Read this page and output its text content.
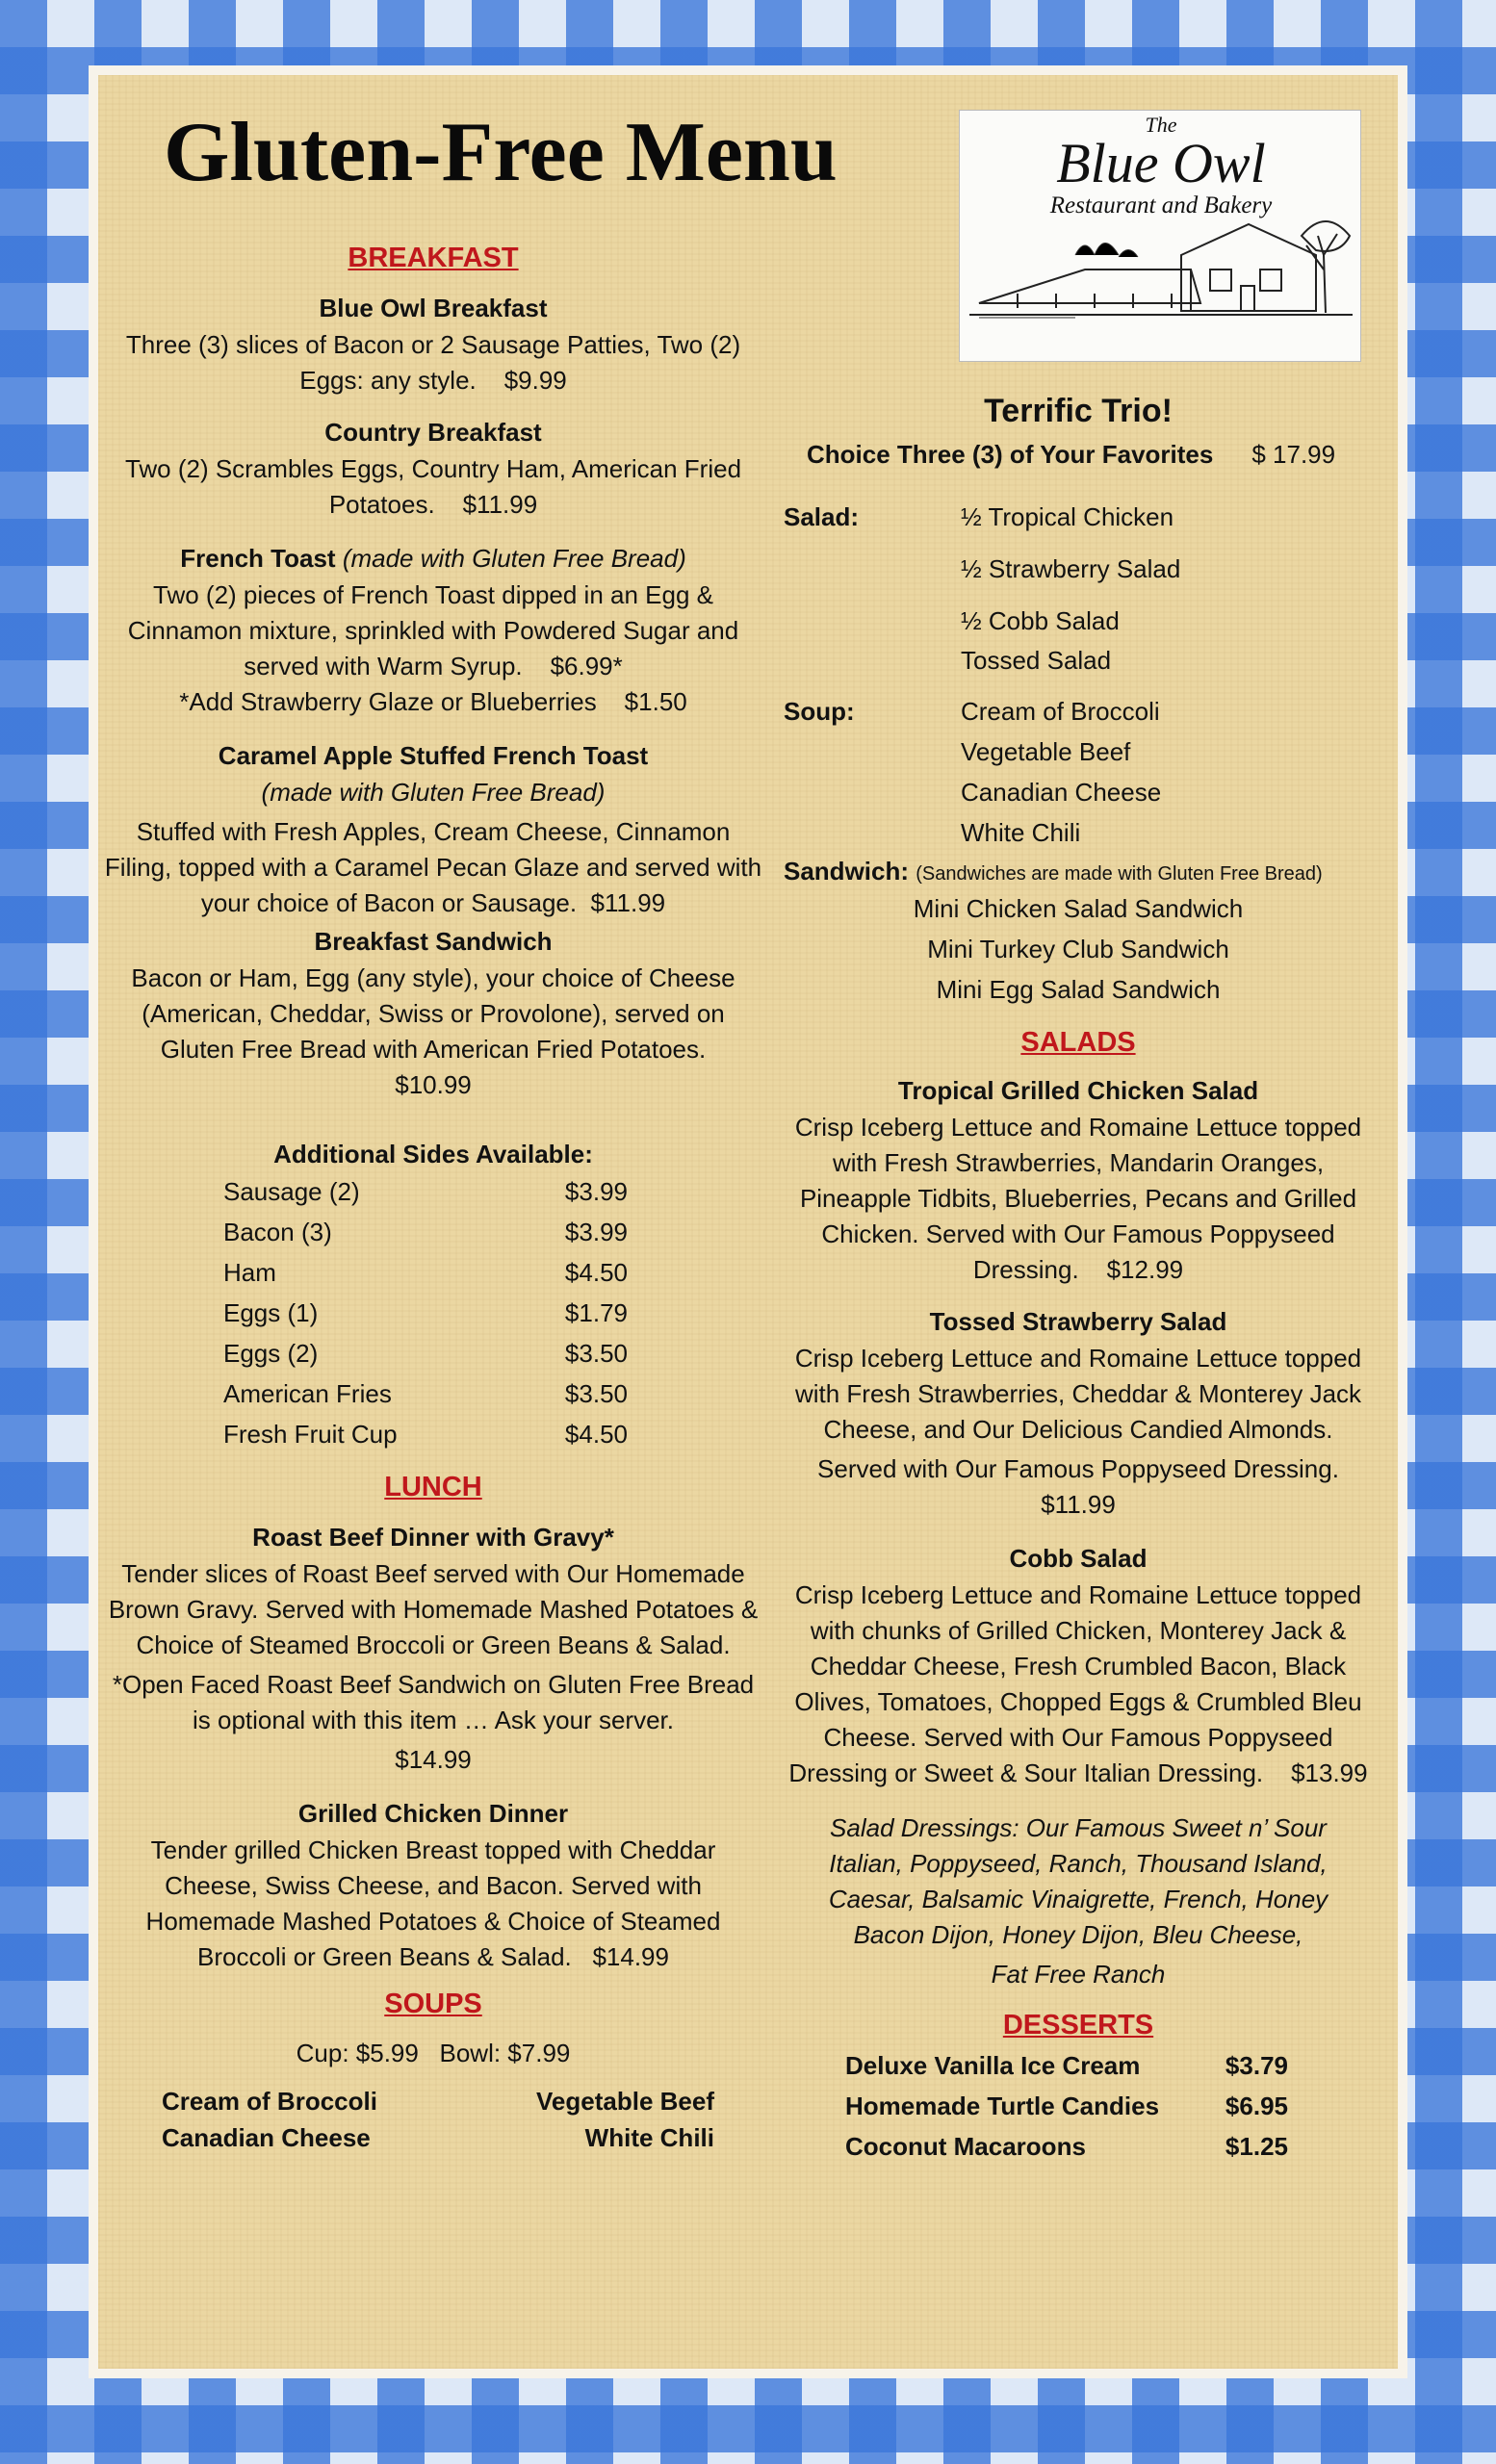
Gluten-Free Menu	The
Blue Owl
Restaurant and Bakery
BREAKFAST
Blue Owl Breakfast
Three (3) slices of Bacon or 2 Sausage Patties, Two (2) Eggs: any style. $9.99
Country Breakfast
Two (2) Scrambles Eggs, Country Ham, American Fried Potatoes. $11.99
French Toast (made with Gluten Free Bread)
Two (2) pieces of French Toast dipped in an Egg & Cinnamon mixture, sprinkled with Powdered Sugar and served with Warm Syrup. $6.99*
*Add Strawberry Glaze or Blueberries $1.50
Caramel Apple Stuffed French Toast
(made with Gluten Free Bread)
Stuffed with Fresh Apples, Cream Cheese, Cinnamon Filing, topped with a Caramel Pecan Glaze and served with your choice of Bacon or Sausage. $11.99
Breakfast Sandwich
Bacon or Ham, Egg (any style), your choice of Cheese (American, Cheddar, Swiss or Provolone), served on Gluten Free Bread with American Fried Potatoes.
$10.99
Additional Sides Available:
Sausage (2)	$3.99
Bacon (3)	$3.99
Ham	$4.50
Eggs (1)	$1.79
Eggs (2)	$3.50
American Fries	$3.50
Fresh Fruit Cup	$4.50
LUNCH
Roast Beef Dinner with Gravy*
Tender slices of Roast Beef served with Our Homemade Brown Gravy. Served with Homemade Mashed Potatoes & Choice of Steamed Broccoli or Green Beans & Salad.
*Open Faced Roast Beef Sandwich on Gluten Free Bread is optional with this item … Ask your server.
$14.99
Grilled Chicken Dinner
Tender grilled Chicken Breast topped with Cheddar Cheese, Swiss Cheese, and Bacon. Served with Homemade Mashed Potatoes & Choice of Steamed Broccoli or Green Beans & Salad. $14.99
SOUPS
Cup: $5.99   Bowl: $7.99
Cream of Broccoli
Canadian Cheese
Vegetable Beef
White Chili
Terrific Trio!
Choice Three (3) of Your Favorites $ 17.99
Salad:	½ Tropical Chicken
½ Strawberry Salad
½ Cobb Salad
Tossed Salad
Soup:	Cream of Broccoli
Vegetable Beef
Canadian Cheese
White Chili
Sandwich: (Sandwiches are made with Gluten Free Bread)
Mini Chicken Salad Sandwich
Mini Turkey Club Sandwich
Mini Egg Salad Sandwich
SALADS
Tropical Grilled Chicken Salad
Crisp Iceberg Lettuce and Romaine Lettuce topped with Fresh Strawberries, Mandarin Oranges, Pineapple Tidbits, Blueberries, Pecans and Grilled Chicken. Served with Our Famous Poppyseed Dressing. $12.99
Tossed Strawberry Salad
Crisp Iceberg Lettuce and Romaine Lettuce topped with Fresh Strawberries, Cheddar & Monterey Jack Cheese, and Our Delicious Candied Almonds.
Served with Our Famous Poppyseed Dressing.
$11.99
Cobb Salad
Crisp Iceberg Lettuce and Romaine Lettuce topped with chunks of Grilled Chicken, Monterey Jack & Cheddar Cheese, Fresh Crumbled Bacon, Black Olives, Tomatoes, Chopped Eggs & Crumbled Bleu Cheese. Served with Our Famous Poppyseed Dressing or Sweet & Sour Italian Dressing. $13.99
Salad Dressings: Our Famous Sweet n’ Sour Italian, Poppyseed, Ranch, Thousand Island, Caesar, Balsamic Vinaigrette, French, Honey Bacon Dijon, Honey Dijon, Bleu Cheese,
Fat Free Ranch
DESSERTS
Deluxe Vanilla Ice Cream	$3.79
Homemade Turtle Candies	$6.95
Coconut Macaroons	$1.25
